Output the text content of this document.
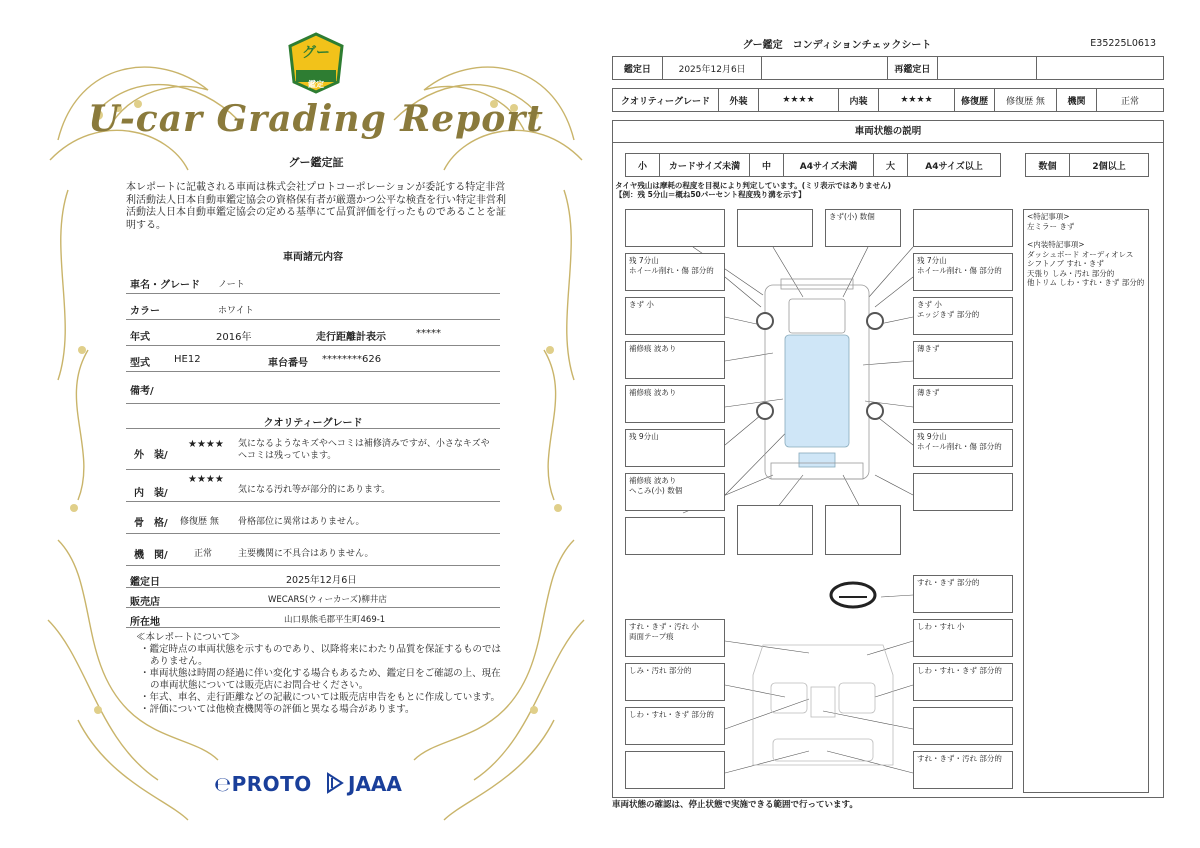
グー
鑑定
U-car Grading Report
グー鑑定証
本レポートに記載される車両は株式会社プロトコーポレーションが委託する特定非営利活動法人日本自動車鑑定協会の資格保有者が厳選かつ公平な検査を行い特定非営利活動法人日本自動車鑑定協会の定める基準にて品質評価を行ったものであることを証明する。
車両諸元内容
車名・グレード ノート
カラー	ホワイト
年式	2016年	走行距離計表示	*****
型式 HE12	車台番号 ********626
備考/
クオリティーグレード
外　装/
★★★★ 気になるようなキズやヘコミは補修済みですが、小さなキズやヘコミは残っています。
内　装/
★★★★
気になる汚れ等が部分的にあります。
骨　格/ 修復歴 無 骨格部位に異常はありません。
機　関/	正常	主要機関に不具合はありません。
鑑定日	2025年12月6日
販売店	WECARS(ウィーカーズ)柳井店
所在地	山口県熊毛郡平生町469-1
≪本レポートについて≫
・鑑定時点の車両状態を示すものであり、以降将来にわたり品質を保証するものではありません。
・車両状態は時間の経過に伴い変化する場合もあるため、鑑定日をご確認の上、現在の車両状態については販売店にお問合せください。
・年式、車名、走行距離などの記載については販売店申告をもとに作成しています。
・評価については他検査機関等の評価と異なる場合があります。
℮PROTO	JAAA
グー鑑定　コンディションチェックシート	E35225L0613
鑑定日	2025年12月6日	再鑑定日
クオリティーグレード	外装	★★★★	内装	★★★★	修復歴	修復歴 無	機関	正常
車両状態の説明
小	カードサイズ未満	中	A4サイズ未満	大	A4サイズ以上	数個	2個以上
タイヤ残山は摩耗の程度を目視により判定しています。(ミリ表示ではありません)
【例：残 5分山＝概ね50パーセント程度残り溝を示す】
きず(小) 数個
残 7分山
ホイール削れ・傷 部分的
残 7分山
ホイール削れ・傷 部分的
きず 小	きず 小
エッジきず 部分的
補修痕 波あり	薄きず
補修痕 波あり	薄きず
残 9分山	残 9分山
ホイール削れ・傷 部分的
補修痕 波あり
へこみ(小) 数個
すれ・きず 部分的
すれ・きず・汚れ 小
両面テープ痕
しわ・すれ 小
しみ・汚れ 部分的	しわ・すれ・きず 部分的
しわ・すれ・きず 部分的
すれ・きず・汚れ 部分的
<特記事項>
左ミラー きず
<内装特記事項>
ダッシュボード オーディオレス
シフトノブ すれ・きず
天張り しみ・汚れ 部分的
他トリム しわ・すれ・きず 部分的
車両状態の確認は、停止状態で実施できる範囲で行っています。
